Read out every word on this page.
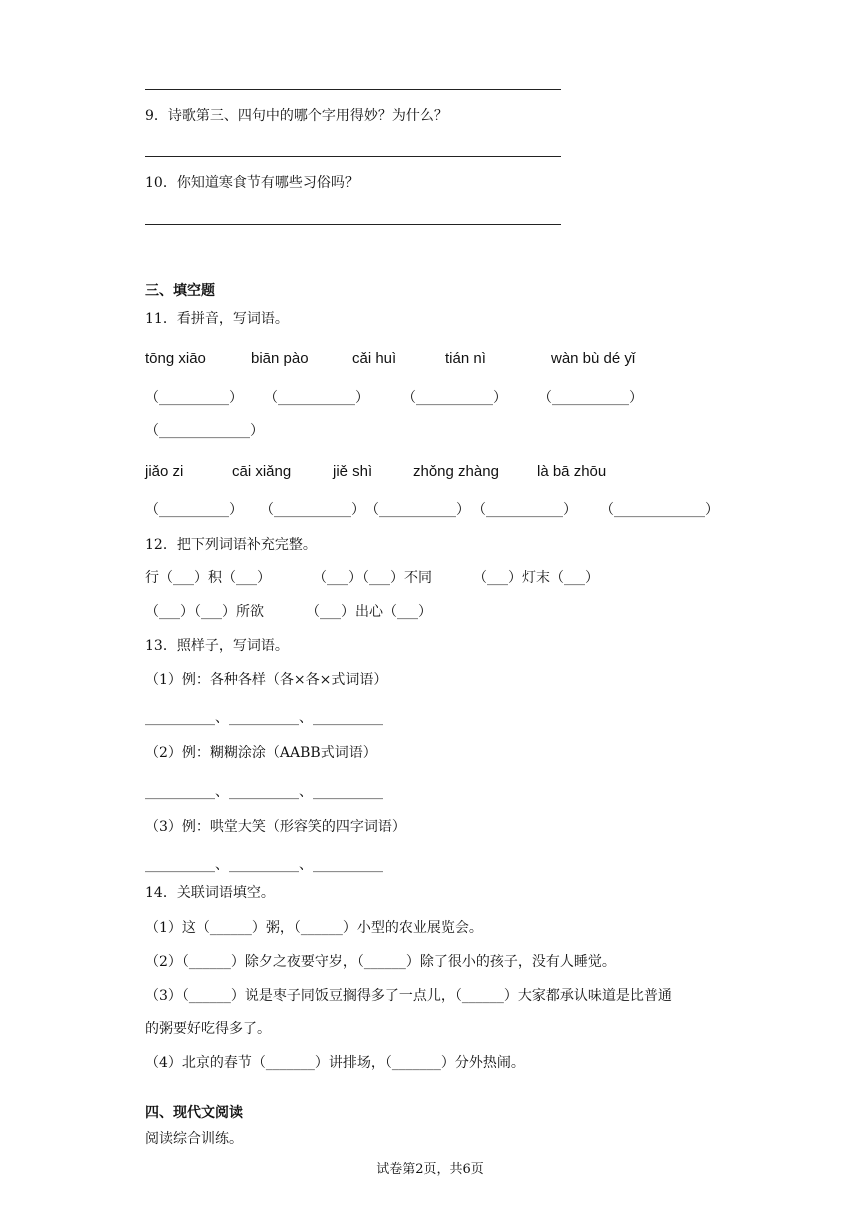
9．诗歌第三、四句中的哪个字用得妙？为什么？
10．你知道寒食节有哪些习俗吗？
三、填空题
11．看拼音，写词语。
tōng xiāo	biān pào	cǎi huì	tián nì	wàn bù dé yǐ
（__________） （___________） （___________） （___________）
（_____________）
jiǎo zi	cāi xiǎng	jiě shì	zhǒng zhàng	là bā zhōu
（__________） （___________） （___________） （___________） （_____________）
12．把下列词语补充完整。
行（___）积（___）	（___）（___）不同	（___）灯末（___）
（___）（___）所欲	（___）出心（___）
13．照样子，写词语。
（1）例：各种各样（各×各×式词语）
__________、__________、__________
（2）例：糊糊涂涂（AABB式词语）
__________、__________、__________
（3）例：哄堂大笑（形容笑的四字词语）
__________、__________、__________
14．关联词语填空。
（1）这（______）粥，（______）小型的农业展览会。
（2）（______）除夕之夜要守岁，（______）除了很小的孩子，没有人睡觉。
（3）（______）说是枣子同饭豆搁得多了一点儿，（______）大家都承认味道是比普通
的粥要好吃得多了。
（4）北京的春节（_______）讲排场，（_______）分外热闹。
四、现代文阅读
阅读综合训练。
试卷第2页，共6页
